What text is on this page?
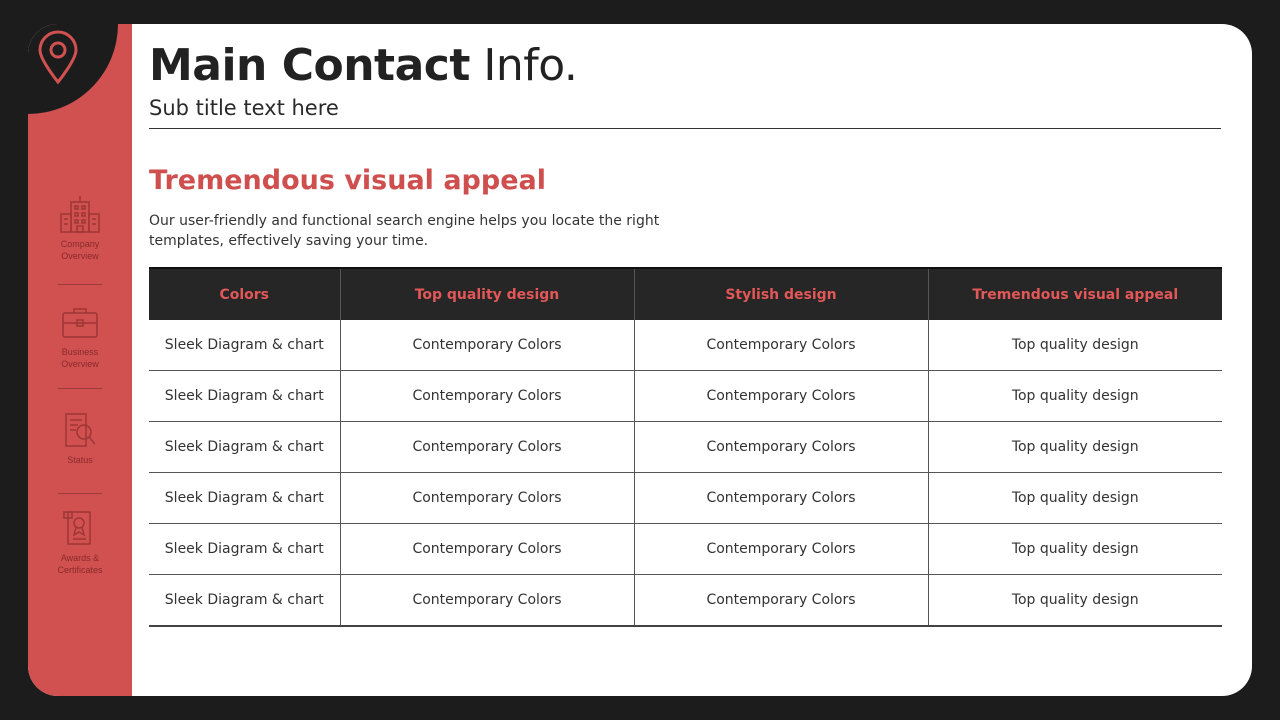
Company
Overview
Business
Overview
Status
Awards &
Certificates
Main Contact Info.
Sub title text here
Tremendous visual appeal
Our user-friendly and functional search engine helps you locate the right templates, effectively saving your time.
Colors	Top quality design	Stylish design	Tremendous visual appeal
Sleek Diagram & chart	Contemporary Colors	Contemporary Colors	Top quality design
Sleek Diagram & chart	Contemporary Colors	Contemporary Colors	Top quality design
Sleek Diagram & chart	Contemporary Colors	Contemporary Colors	Top quality design
Sleek Diagram & chart	Contemporary Colors	Contemporary Colors	Top quality design
Sleek Diagram & chart	Contemporary Colors	Contemporary Colors	Top quality design
Sleek Diagram & chart	Contemporary Colors	Contemporary Colors	Top quality design
